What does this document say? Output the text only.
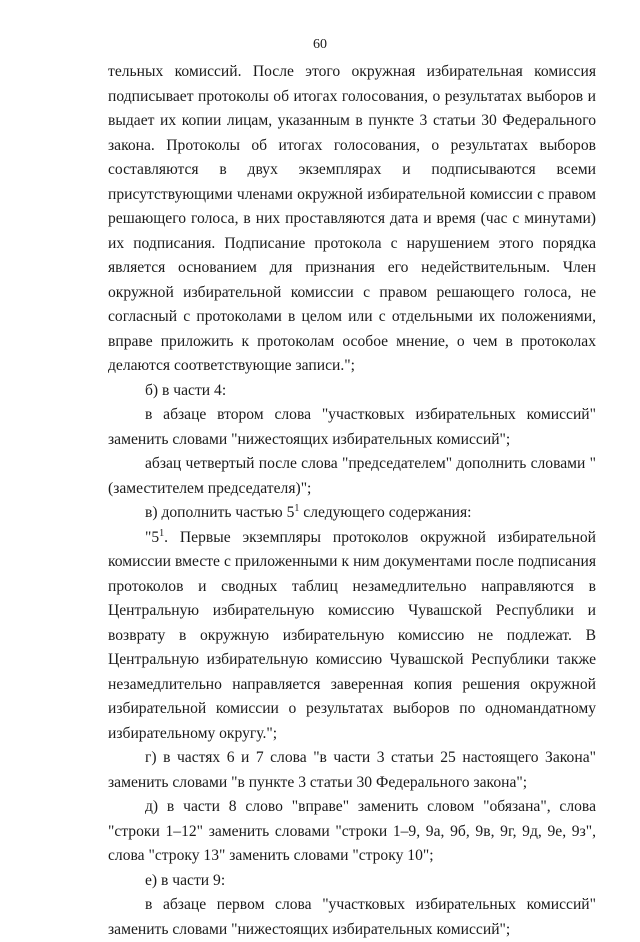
60

тельных комиссий. После этого окружная избирательная комиссия подписывает протоколы об итогах голосования, о результатах выборов и выдает их копии лицам, указанным в пункте 3 статьи 30 Федерального закона. Протоколы об итогах голосования, о результатах выборов составляются в двух экземплярах и подписываются всеми присутствующими членами окружной избирательной комиссии с правом решающего голоса, в них проставляются дата и время (час с минутами) их подписания. Подписание протокола с нарушением этого порядка является основанием для признания его недействительным. Член окружной избирательной комиссии с правом решающего голоса, не согласный с протоколами в целом или с отдельными их положениями, вправе приложить к протоколам особое мнение, о чем в протоколах делаются соответствующие записи.";

б) в части 4:

в абзаце втором слова "участковых избирательных комиссий" заменить словами "нижестоящих избирательных комиссий";

абзац четвертый после слова "председателем" дополнить словами "(заместителем председателя)";

в) дополнить частью $5^1$ следующего содержания:

"$5^1$. Первые экземпляры протоколов окружной избирательной комиссии вместе с приложенными к ним документами после подписания протоколов и сводных таблиц незамедлительно направляются в Центральную избирательную комиссию Чувашской Республики и возврату в окружную избирательную комиссию не подлежат. В Центральную избирательную комиссию Чувашской Республики также незамедлительно направляется заверенная копия решения окружной избирательной комиссии о результатах выборов по одномандатному избирательному округу.";

г) в частях 6 и 7 слова "в части 3 статьи 25 настоящего Закона" заменить словами "в пункте 3 статьи 30 Федерального закона";

д) в части 8 слово "вправе" заменить словом "обязана", слова "строки 1–12" заменить словами "строки 1–9, 9а, 9б, 9в, 9г, 9д, 9е, 9з", слова "строку 13" заменить словами "строку 10";

е) в части 9:

в абзаце первом слова "участковых избирательных комиссий" заменить словами "нижестоящих избирательных комиссий";
